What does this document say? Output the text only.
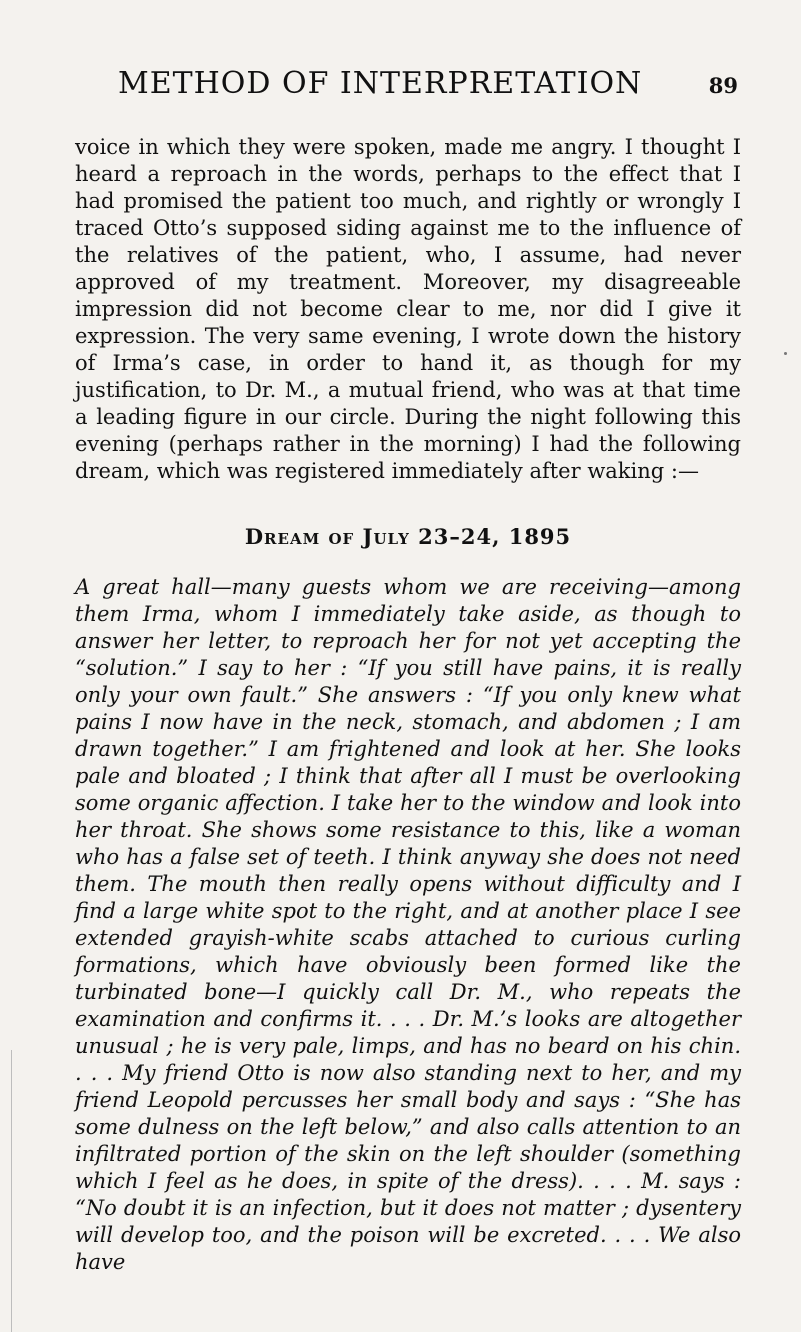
METHOD OF INTERPRETATION	89

voice in which they were spoken, made me angry. I thought I heard a reproach in the words, perhaps to the effect that I had promised the patient too much, and rightly or wrongly I traced Otto’s supposed siding against me to the influence of the relatives of the patient, who, I assume, had never approved of my treatment. Moreover, my disagreeable impression did not become clear to me, nor did I give it expression. The very same evening, I wrote down the history of Irma’s case, in order to hand it, as though for my justification, to Dr. M., a mutual friend, who was at that time a leading figure in our circle. During the night following this evening (perhaps rather in the morning) I had the following dream, which was registered immediately after waking :—

Dream of July 23–24, 1895

A great hall—many guests whom we are receiving—among them Irma, whom I immediately take aside, as though to answer her letter, to reproach her for not yet accepting the “solution.” I say to her : “If you still have pains, it is really only your own fault.” She answers : “If you only knew what pains I now have in the neck, stomach, and abdomen ; I am drawn together.” I am frightened and look at her. She looks pale and bloated ; I think that after all I must be overlooking some organic affection. I take her to the window and look into her throat. She shows some resistance to this, like a woman who has a false set of teeth. I think anyway she does not need them. The mouth then really opens without difficulty and I find a large white spot to the right, and at another place I see extended grayish-white scabs attached to curious curling formations, which have obviously been formed like the turbinated bone—I quickly call Dr. M., who repeats the examination and confirms it. . . . Dr. M.’s looks are altogether unusual ; he is very pale, limps, and has no beard on his chin. . . . My friend Otto is now also standing next to her, and my friend Leopold percusses her small body and says : “She has some dulness on the left below,” and also calls attention to an infiltrated portion of the skin on the left shoulder (something which I feel as he does, in spite of the dress). . . . M. says : “No doubt it is an infection, but it does not matter ; dysentery will develop too, and the poison will be excreted. . . . We also have
